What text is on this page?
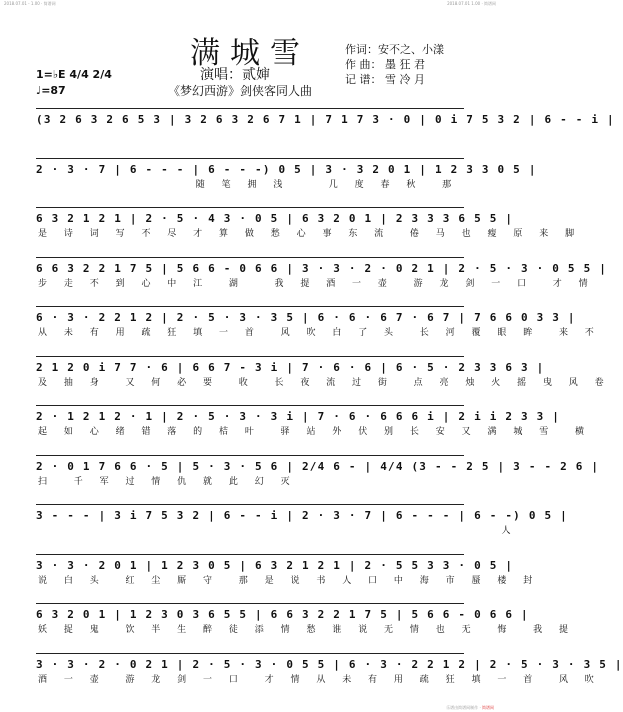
2018.07.01 - 1.00 · 简谱网	2018.07.01 1.00 · 简谱网
满城雪
演唱：贰婶
《梦幻西游》剑侠客同人曲
作词：安不之、小漾
作 曲： 墨 狂 君
记 谱： 雪 冷 月
1=♭E 4/4 2/4
♩=87
(3 2 6 3 2 6 5 3 | 3 2 6 3 2 6 7 1 | 7 1 7 3 · 0 | 0 i 7 5 3 2 | 6 - - i |
2 · 3 · 7 | 6 - - - | 6 - - -) 0 5 | 3 · 3 2 0 1 | 1 2 3 3 0 5 |
随 笔 拥 浅    几 度 春 秋  那
6 3 2 1 2 1 | 2 · 5 · 4 3 · 0 5 | 6 3 2 0 1 | 2 3 3 3 6 5 5 |
是 诗 词 写 不 尽 才 算 做 愁 心 事 东 流  倦 马 也 瘦 原 来 脚
6 6 3 2 2 1 7 5 | 5 6 6 - 0 6 6 | 3 · 3 · 2 · 0 2 1 | 2 · 5 · 3 · 0 5 5 |
步 走 不 到 心 中 江  湖   我 提 酒 一 壶  游 龙 剑 一 口  才 情
6 · 3 · 2 2 1 2 | 2 · 5 · 3 · 3 5 | 6 · 6 · 6 7 · 6 7 | 7 6 6 0 3 3 |
从 未 有 用 疏 狂 填 一 首  风 吹 白 了 头  长 河 覆 眼 眸  来 不
2 1 2 0 i 7 7 · 6 | 6 6 7 - 3 i | 7 · 6 · 6 | 6 · 5 · 2 3 3 6 3 |
及 抽 身  又 何 必 要  收  长 夜 流 过 街  点 亮 烛 火 摇 曳 风 卷
2 · 1 2 1 2 · 1 | 2 · 5 · 3 · 3 i | 7 · 6 · 6 6 6 i | 2 i i 2 3 3 |
起 如 心 绪 错 落 的 桔 叶  驿 站 外 伏 别 长 安 又 满 城 雪  横
2 · 0 1 7 6 6 · 5 | 5 · 3 · 5 6 | 2/4 6 - | 4/4 (3 - - 2 5 | 3 - - 2 6 |
扫  千 军 过 情 仇 就 此 幻 灭
3 - - - | 3 i 7 5 3 2 | 6 - - i | 2 · 3 · 7 | 6 - - - | 6 - -) 0 5 |
人
3 · 3 · 2 0 1 | 1 2 3 0 5 | 6 3 2 1 2 1 | 2 · 5 5 3 3 · 0 5 |
说 白 头  红 尘 厮 守  那 是 说 书 人 口 中 海 市 蜃 楼 封
6 3 2 0 1 | 1 2 3 0 3 6 5 5 | 6 6 3 2 2 1 7 5 | 5 6 6 - 0 6 6 |
妖 捉 鬼  饮 半 生 醉 徒 添 情 愁 谁 说 无 情 也 无  悔  我 提
3 · 3 · 2 · 0 2 1 | 2 · 5 · 3 · 0 5 5 | 6 · 3 · 2 2 1 2 | 2 · 5 · 3 · 3 5 |
酒 一 壶  游 龙 剑 一 口  才 情 从 未 有 用 疏 狂 填 一 首  风 吹
乐谱由简谱网制作 · 简谱网
